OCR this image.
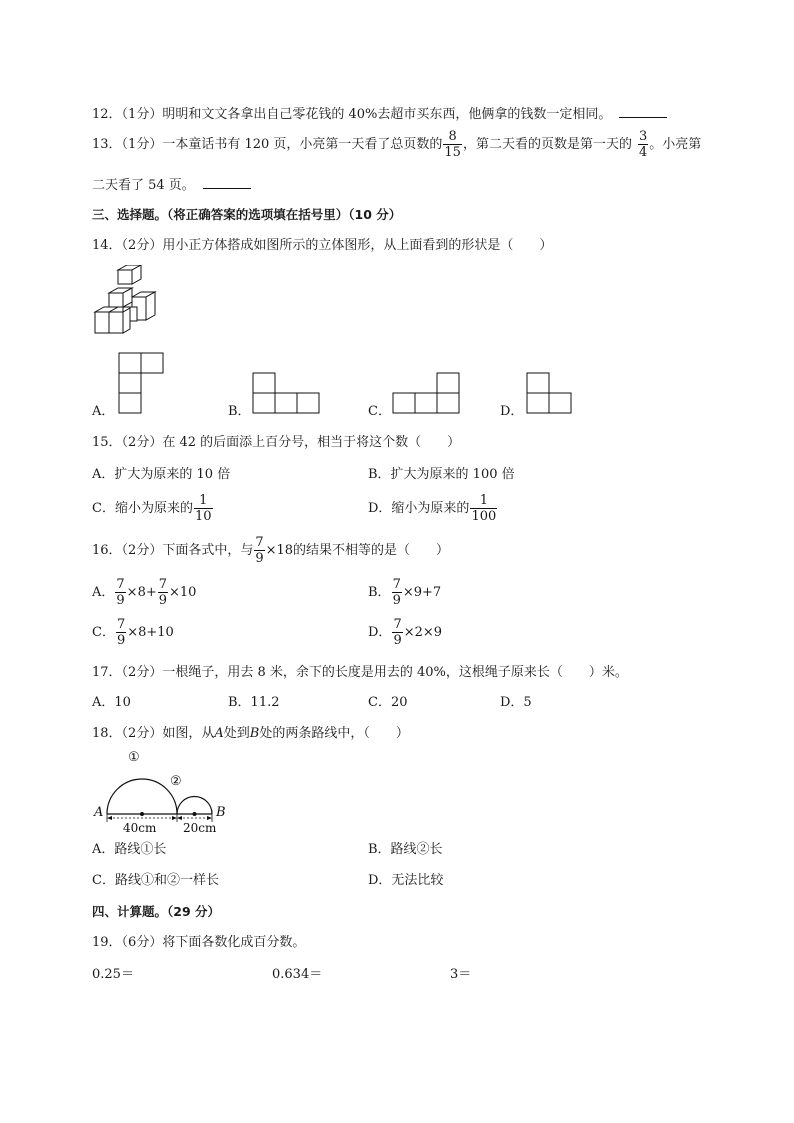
12．（1分）明明和文文各拿出自己零花钱的 40%去超市买东西，他俩拿的钱数一定相同。
13．（1分）一本童话书有 120 页，小亮第一天看了总页数的 $\frac{8}{15}$ ，第二天看的页数是第一天的 $\frac{3}{4}$ 。小亮第
二天看了 54 页。
三、选择题。（将正确答案的选项填在括号里）（10 分）
14．（2分）用小正方体搭成如图所示的立体图形，从上面看到的形状是（　　）
A．	B．	C．	D．
15．（2分）在 42 的后面添上百分号，相当于将这个数（　　）
A．扩大为原来的 10 倍	B．扩大为原来的 100 倍
C．缩小为原来的 $\frac{1}{10}$	D．缩小为原来的 $\frac{1}{100}$
16．（2分）下面各式中，与 $\frac{7}{9} \times 18$的结果不相等的是（　　）
A． $\frac{7}{9} \times 8+ \frac{7}{9} \times 10$	B． $\frac{7}{9} \times 9+7$
C． $\frac{7}{9} \times 8+10$	D． $\frac{7}{9} \times 2\times 9$
17．（2分）一根绳子，用去 8 米，余下的长度是用去的 40%，这根绳子原来长（　　）米。
A．10	B．11.2	C．20	D．5
18．（2分）如图，从A处到B处的两条路线中，（　　）
①
②
A	B
40cm 20cm
A．路线①长	B．路线②长
C．路线①和②一样长	D．无法比较
四、计算题。（29 分）
19．（6分）将下面各数化成百分数。
0.25＝	0.634＝	3＝
